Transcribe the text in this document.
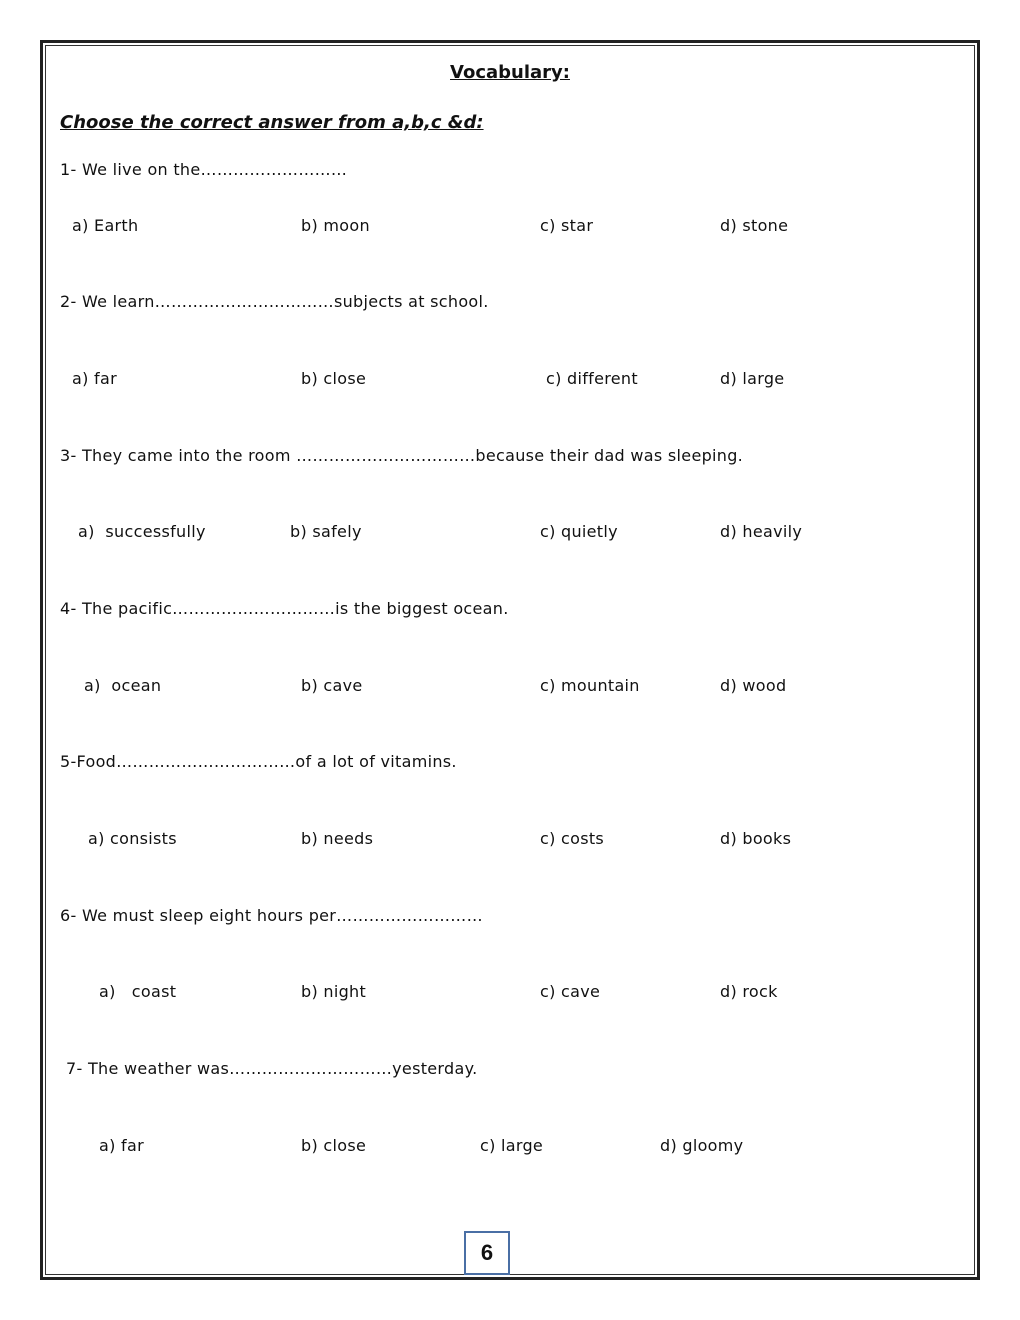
Vocabulary:
Choose the correct answer from a,b,c &d:
1- We live on the………………………
a) Earth	b) moon	c) star	d) stone
2- We learn……………………………subjects at school.
a) far	b) close	c) different	d) large
3- They came into the room ……………………………because their dad was sleeping.
a)  successfully	b) safely	c) quietly	d) heavily
4- The pacific…………………………is the biggest ocean.
a)  ocean	b) cave	c) mountain	d) wood
5-Food……………………………of a lot of vitamins.
a) consists	b) needs	c) costs	d) books
6- We must sleep eight hours per………………………
a)   coast	b) night	c) cave	d) rock
7- The weather was…………………………yesterday.
a) far	b) close	c) large	d) gloomy
6
